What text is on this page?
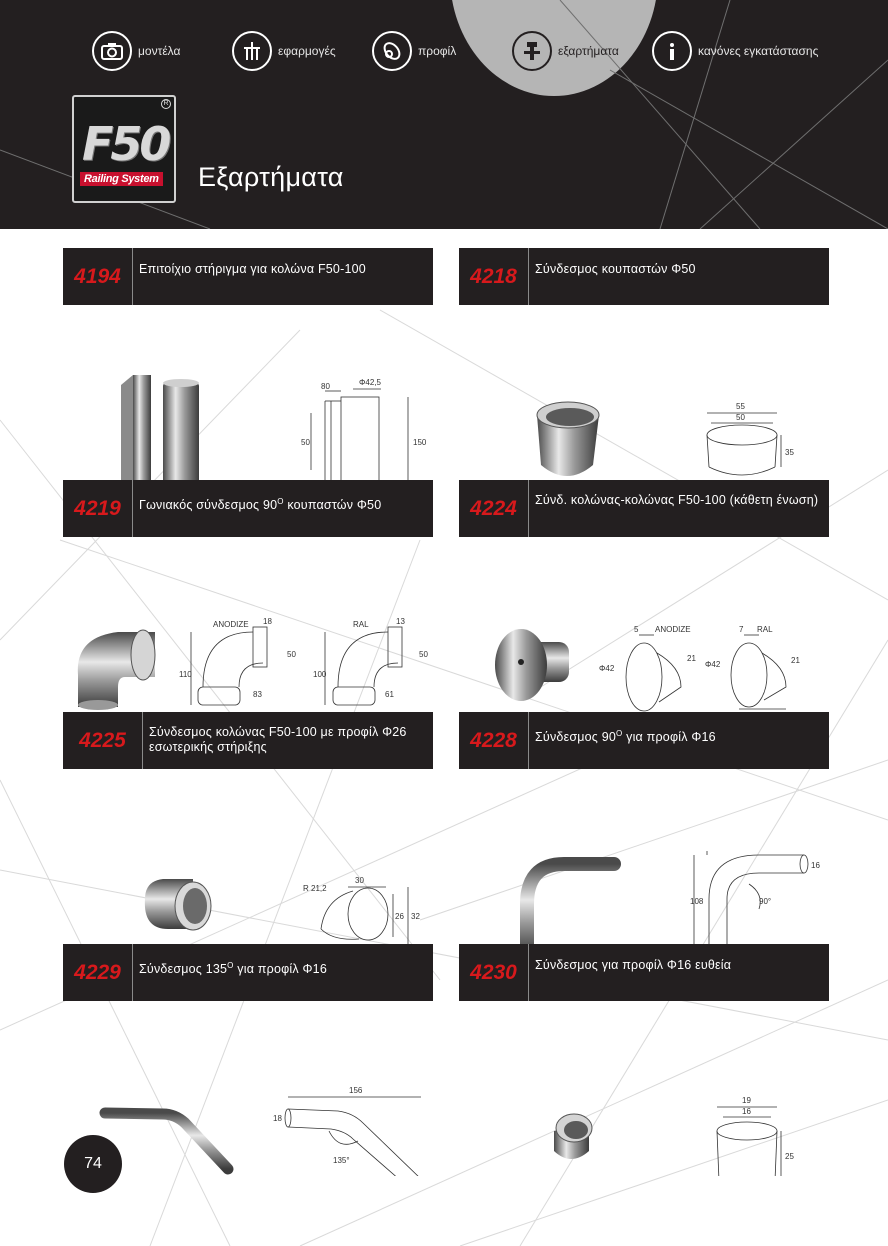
μοντέλα	εφαρμογές	προφίλ	εξαρτήματα	κανόνες εγκατάστασης
R
F50
Railing System Εξαρτήματα
4194	Επιτοίχιο στήριγμα για κολώνα F50-100
80	Φ42,5
50	150
4218	Σύνδεσμος κουπαστών Φ50
55
50
35
4219	Γωνιακός σύνδεσμος $90^O$ κουπαστών Φ50
ANODIZE 18
50
110
83
RAL	13
50
100
61
4224	Σύνδ. κολώνας-κολώνας F50-100 (κάθετη ένωση)
5 ANODIZE
Φ42
21
7 RAL
Φ42	21
4225	Σύνδεσμος κολώνας F50-100 με προφίλ Φ26 εσωτερικής στήριξης
R 21,2
30
26 32
4228	Σύνδεσμος $90^O$ για προφίλ Φ16
16
108	90°
4229	Σύνδεσμος $135^O$ για προφίλ Φ16
156
18
135°
4230	Σύνδεσμος για προφίλ Φ16 ευθεία
19
16
25
74
